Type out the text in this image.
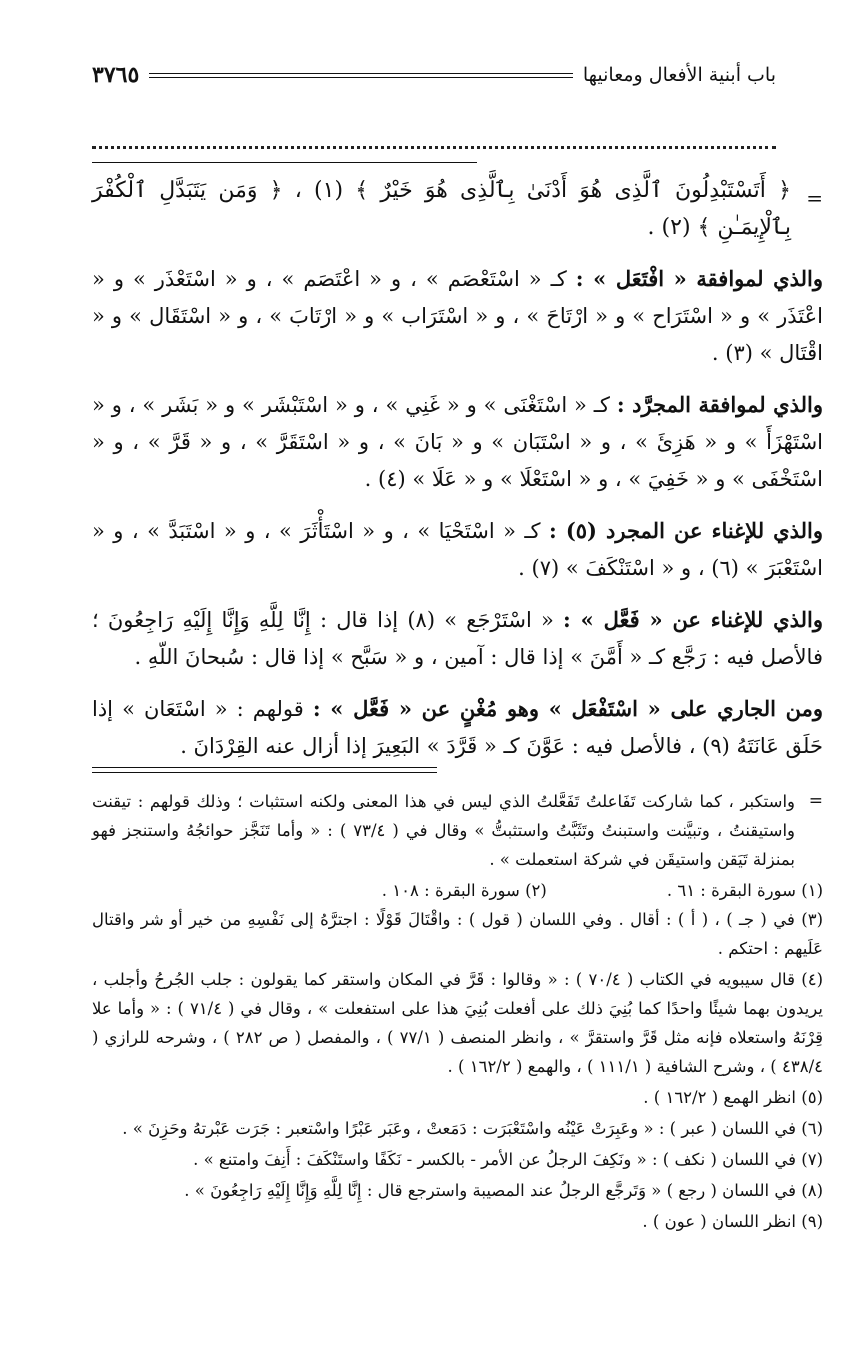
باب أبنية الأفعال ومعانيها
٣٧٦٥
=

﴿ أَتَسْتَبْدِلُونَ ٱلَّذِى هُوَ أَدْنَىٰ بِٱلَّذِى هُوَ خَيْرٌ ﴾ (١) ، ﴿ وَمَن يَتَبَدَّلِ ٱلْكُفْرَ بِٱلْإِيمَـٰنِ ﴾ (٢) .

والذي لموافقة « افْتَعَل » : كـ « اسْتَعْصَم » ، و « اعْتَصَم » ، و « اسْتَعْذَر » و « اعْتَذَر » و « اسْتَرَاح » و « ارْتَاحَ » ، و « اسْتَرَاب » و « ارْتَابَ » ، و « اسْتَقَال » و « اقْتَال » (٣) .

والذي لموافقة المجرَّد : كـ « اسْتَغْنَى » و « غَنِي » ، و « اسْتَبْشَر » و « بَشَر » ، و « اسْتَهْزَأَ » و « هَزِئَ » ، و « اسْتَبَان » و « بَانَ » ، و « اسْتَقَرَّ » ، و « قَرَّ » ، و « اسْتَخْفَى » و « خَفِيَ » ، و « اسْتَعْلَا » و « عَلَا » (٤) .

والذي للإغناء عن المجرد (٥) : كـ « اسْتَحْيَا » ، و « اسْتَأْثَرَ » ، و « اسْتَبَدَّ » ، و « اسْتَعْبَرَ » (٦) ، و « اسْتَنْكَفَ » (٧) .

والذي للإغناء عن « فَعَّل » : « اسْتَرْجَع » (٨) إذا قال : إِنَّا لِلَّهِ وَإِنَّا إِلَيْهِ رَاجِعُونَ ؛ فالأصل فيه : رَجَّع كـ « أَمَّنَ » إذا قال : آمين ، و « سَبَّح » إذا قال : سُبحانَ اللّهِ .

ومن الجاري على « اسْتَفْعَل » وهو مُغْنٍ عن « فَعَّل » : قولهم : « اسْتَعَان » إذا حَلَق عَانَتَهُ (٩) ، فالأصل فيه : عَوَّنَ كـ « قَرَّدَ » البَعِيرَ إذا أزال عنه القِرْدَانَ .

=

واستكبر ، كما شاركت تَفَاعلتُ تَفَعَّلتُ الذي ليس في هذا المعنى ولكنه استثبات ؛ وذلك قولهم : تيقنت واستيقنتُ ، وتبيَّنت واستبنتُ وتَثَبَّتُ واستثبتُّ » وقال في ( ٧٣/٤ ) : « وأما تَنَجَّز حوائجُهُ واستنجز فهو بمنزلة تَيَقن واستيقَن في شركة استعملت » .

(١) سورة البقرة : ٦١ .
(٢) سورة البقرة : ١٠٨ .

(٣) في ( جـ ) ، ( أ ) : أقال . وفي اللسان ( قول ) : واقْتَالَ قَوْلًا : اجترَّهُ إلى نَفْسِهِ من خير أو شر واقتال عَلَيهم : احتكم .

(٤) قال سيبويه في الكتاب ( ٧٠/٤ ) : « وقالوا : قَرَّ في المكان واستقر كما يقولون : جلب الجُرحُ وأجلب ، يريدون بهما شيئًا واحدًا كما بُنِيَ ذلك على أفعلت بُنِيَ هذا على استفعلت » ، وقال في ( ٧١/٤ ) : « وأما علا قِرْنَهُ واستعلاه فإنه مثل قَرَّ واستقرَّ » ، وانظر المنصف ( ٧٧/١ ) ، والمفصل ( ص ٢٨٢ ) ، وشرحه للرازي ( ٤٣٨/٤ ) ، وشرح الشافية ( ١١١/١ ) ، والهمع ( ١٦٢/٢ ) .

(٥) انظر الهمع ( ١٦٢/٢ ) .

(٦) في اللسان ( عبر ) : « وعَبِرَتْ عَيْنُه واسْتَعْبَرَت : دَمَعتْ ، وعَبَر عَبْرًا واسْتعبر : جَرَت عَبْرتهُ وحَزِنَ » .

(٧) في اللسان ( نكف ) : « ونَكِفَ الرجلُ عن الأمر - بالكسر - نَكَفًا واستَنْكَفَ : أَنِفَ وامتنع » .

(٨) في اللسان ( رجع ) « وَتَرجَّع الرجلُ عند المصيبة واسترجع قال : إِنَّا لِلَّهِ وَإِنَّا إِلَيْهِ رَاجِعُونَ » .

(٩) انظر اللسان ( عون ) .
